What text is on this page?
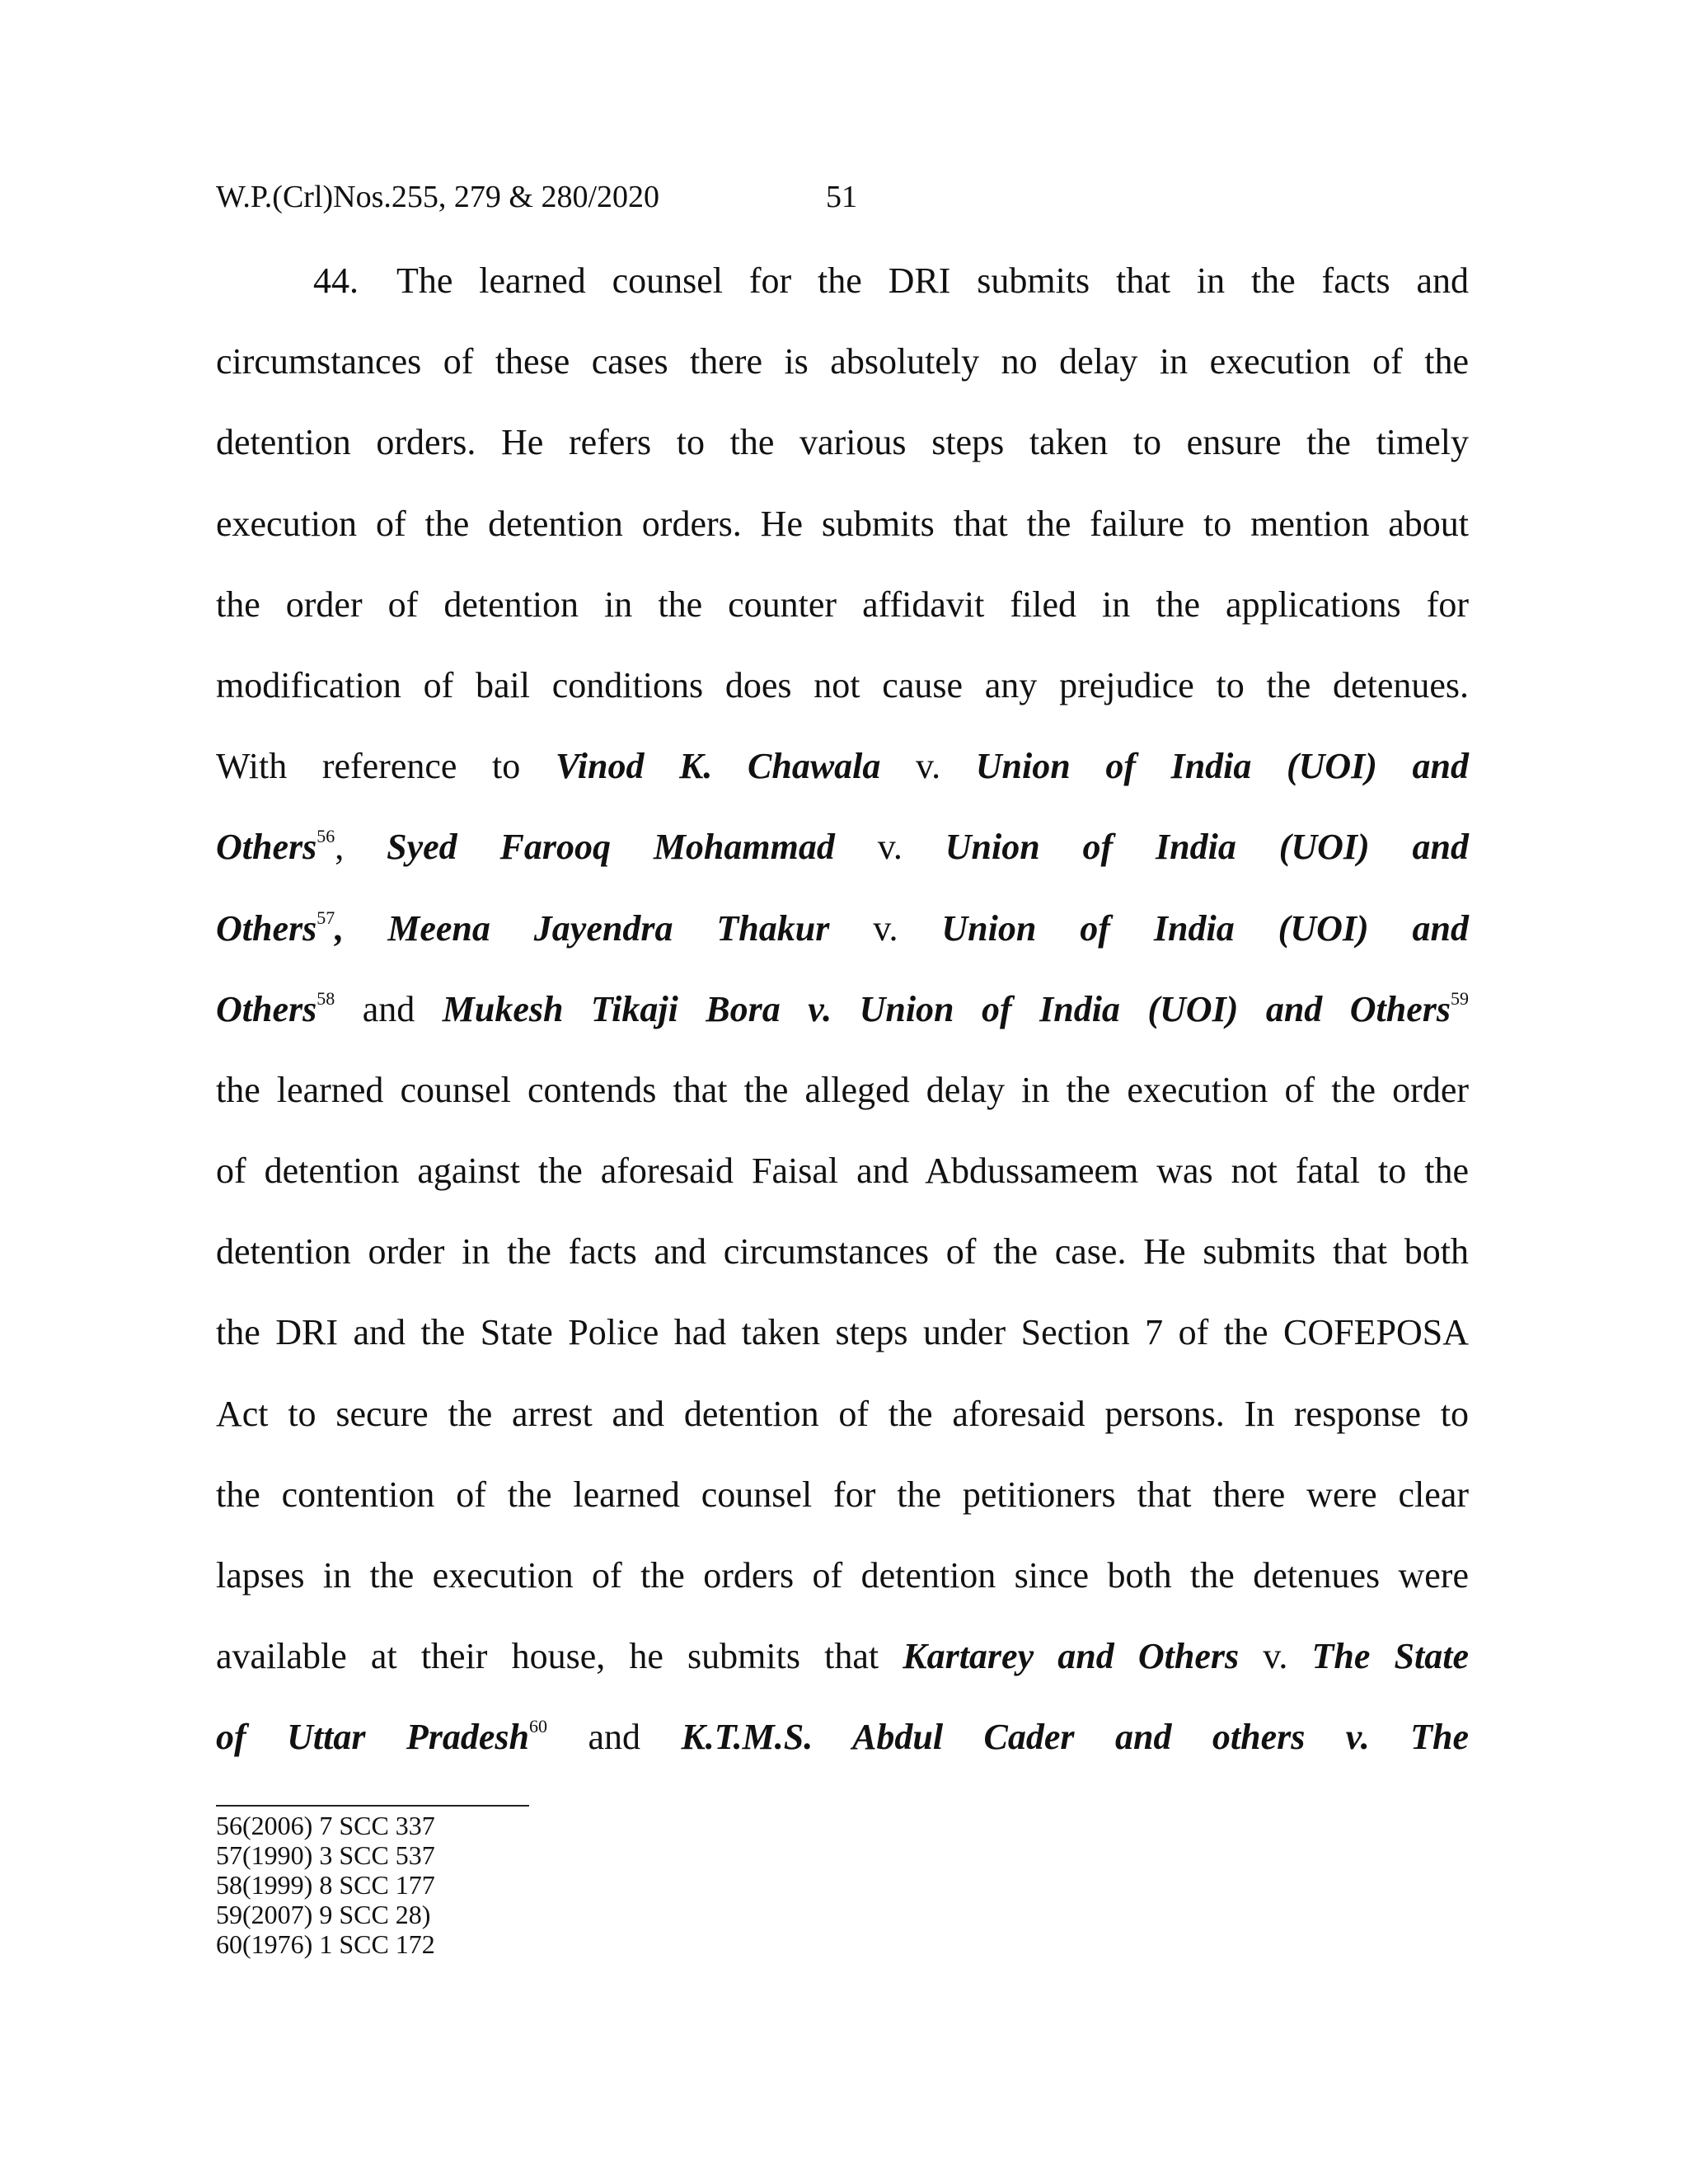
W.P.(Crl)Nos.255, 279 & 280/2020	51
44. The learned counsel for the DRI submits that in the facts and
circumstances of these cases there is absolutely no delay in execution of the
detention orders. He refers to the various steps taken to ensure the timely
execution of the detention orders. He submits that the failure to mention about
the order of detention in the counter affidavit filed in the applications for
modification of bail conditions does not cause any prejudice to the detenues.
With reference to Vinod K. Chawala v. Union of India (UOI) and
Others$^{56}$, Syed Farooq Mohammad v. Union of India (UOI) and
Others$^{57}$, Meena Jayendra Thakur v. Union of India (UOI) and
Others$^{58}$ and Mukesh Tikaji Bora v. Union of India (UOI) and Others$^{59}$
the learned counsel contends that the alleged delay in the execution of the order
of detention against the aforesaid Faisal and Abdussameem was not fatal to the
detention order in the facts and circumstances of the case. He submits that both
the DRI and the State Police had taken steps under Section 7 of the COFEPOSA
Act to secure the arrest and detention of the aforesaid persons. In response to
the contention of the learned counsel for the petitioners that there were clear
lapses in the execution of the orders of detention since both the detenues were
available at their house, he submits that Kartarey and Others v. The State
of Uttar Pradesh$^{60}$ and K.T.M.S. Abdul Cader and others v. The
56(2006) 7 SCC 337
57(1990) 3 SCC 537
58(1999) 8 SCC 177
59(2007) 9 SCC 28)
60(1976) 1 SCC 172
